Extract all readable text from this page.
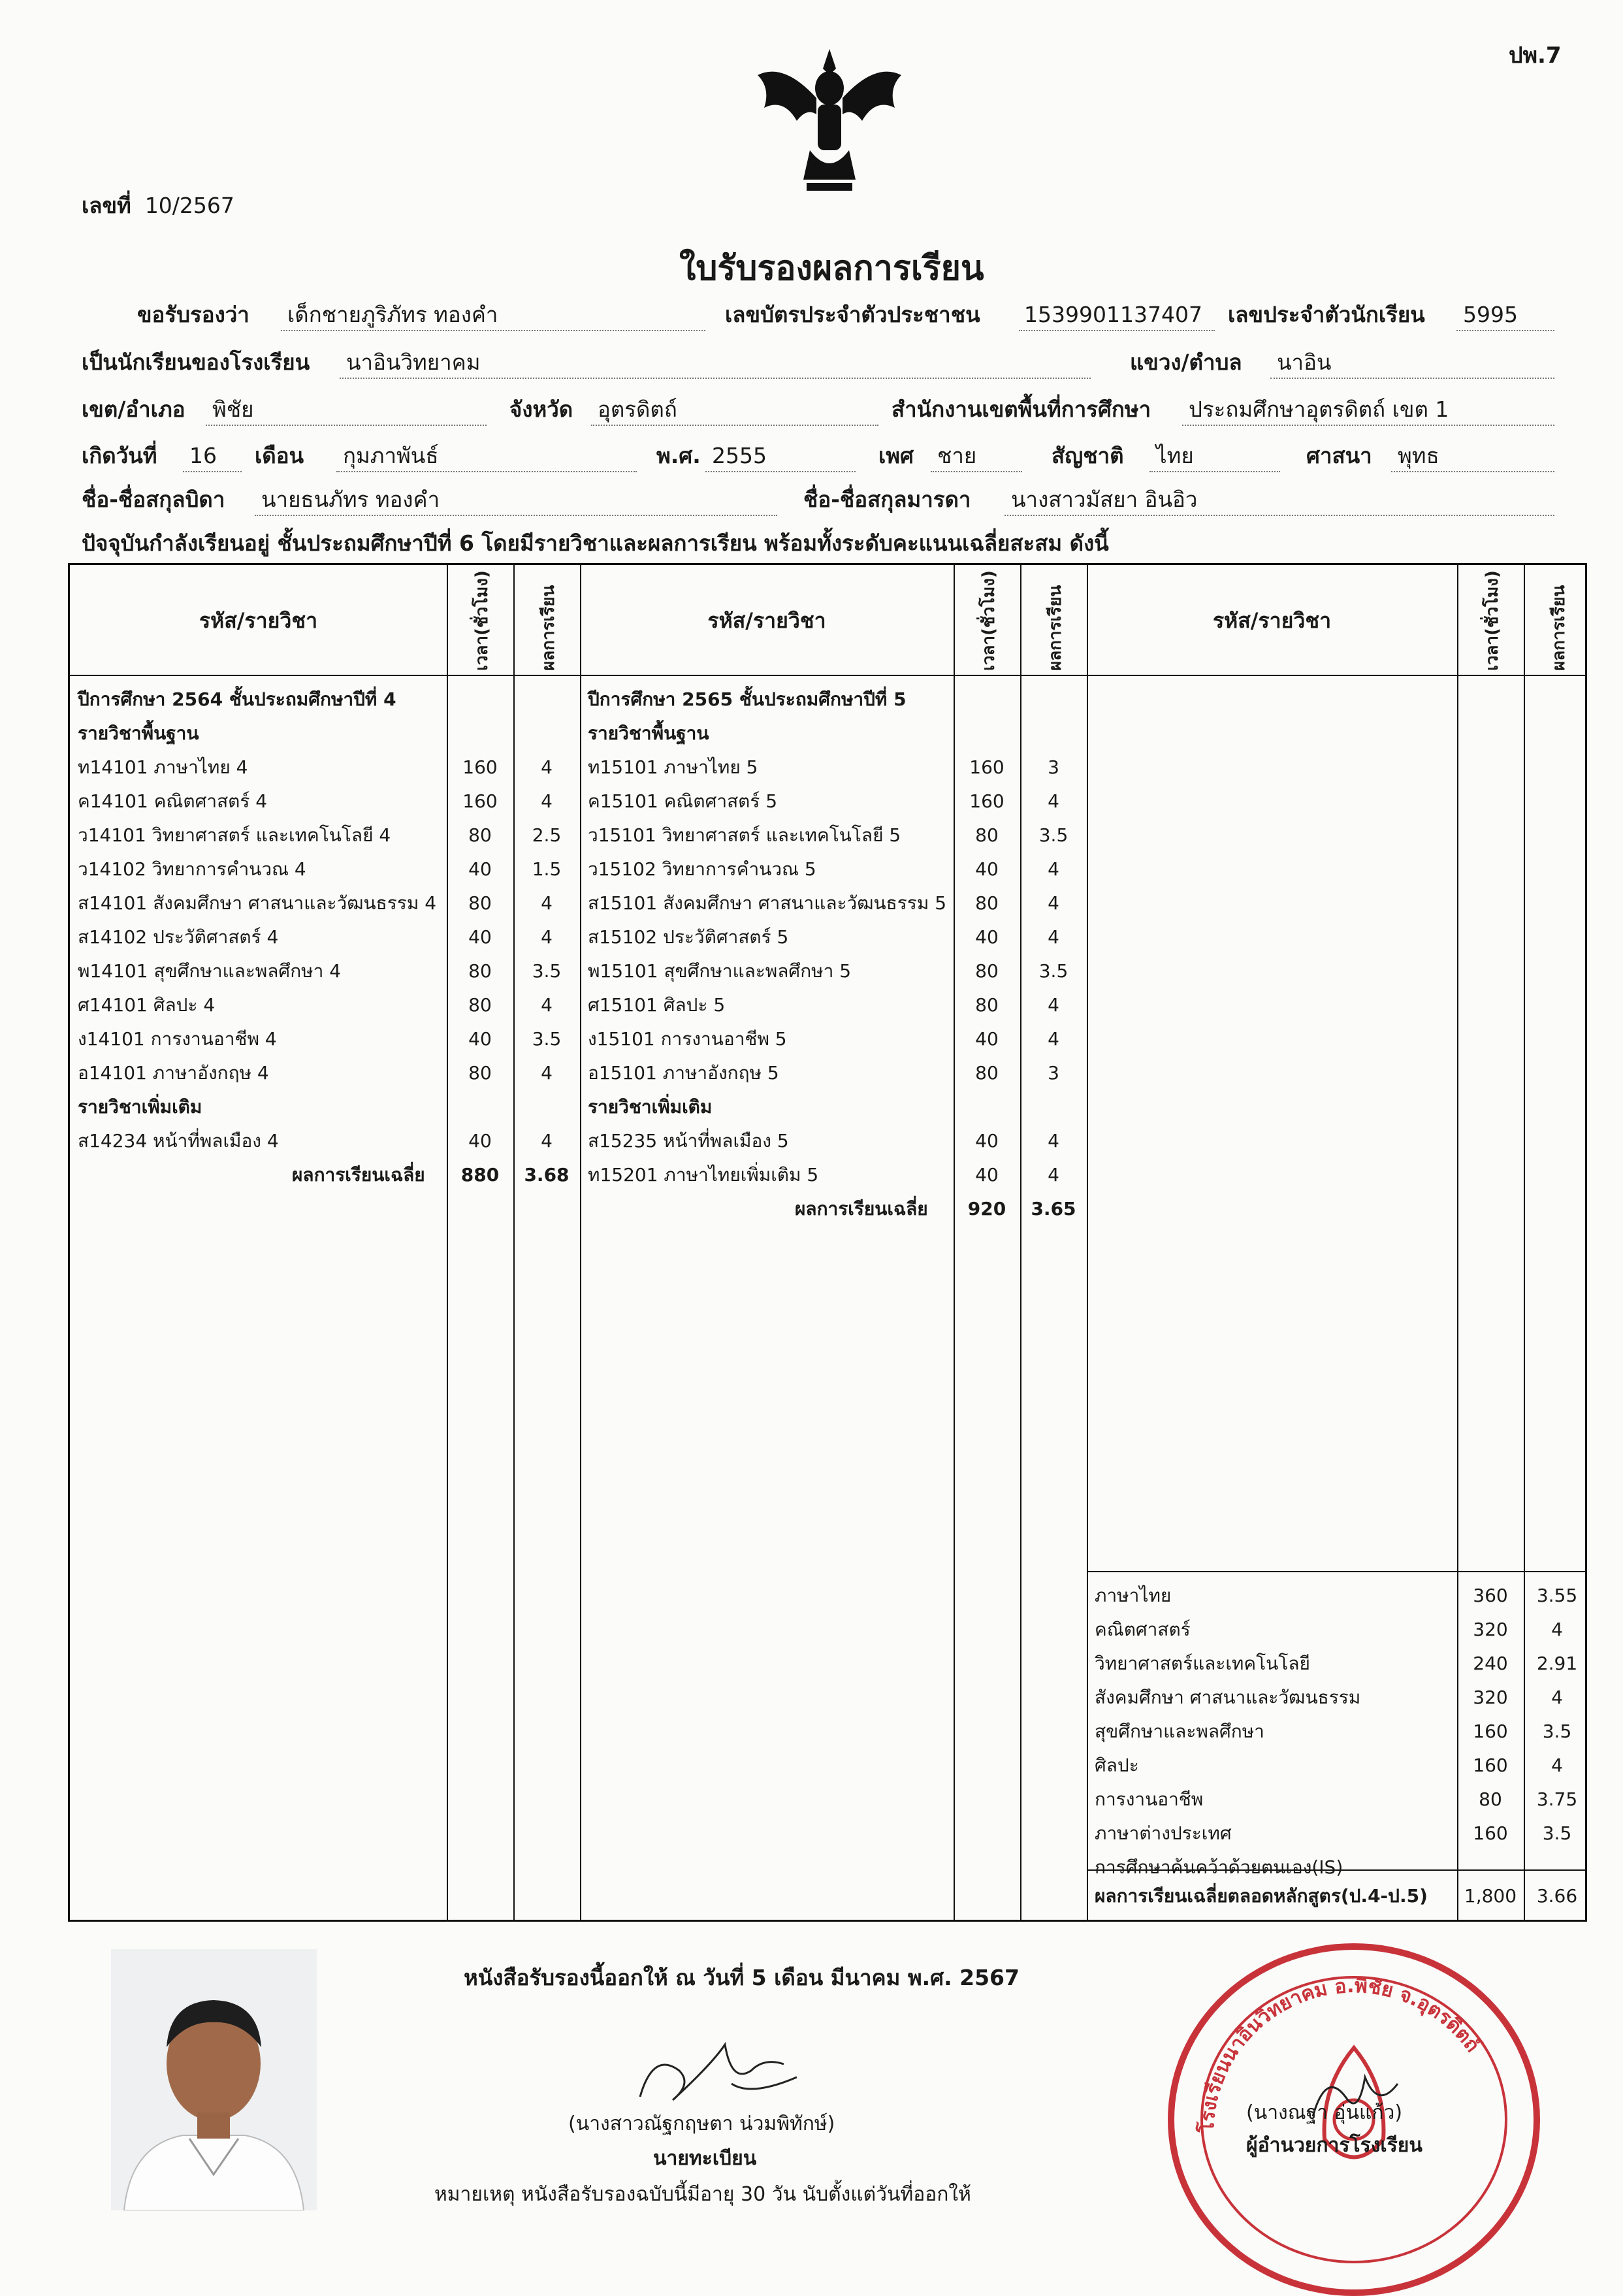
ปพ.7
เลขที่ 10/2567
ใบรับรองผลการเรียน
ขอรับรองว่า เด็กชายภูริภัทร ทองคำ	เลขบัตรประจำตัวประชาชน 1539901137407 เลขประจำตัวนักเรียน 5995
เป็นนักเรียนของโรงเรียน นาอินวิทยาคม	แขวง/ตำบล นาอิน
เขต/อำเภอ พิชัย	จังหวัด อุตรดิตถ์	สำนักงานเขตพื้นที่การศึกษา ประถมศึกษาอุตรดิตถ์ เขต 1
เกิดวันที่ 16 เดือน กุมภาพันธ์	พ.ศ. 2555	เพศ ชาย	สัญชาติ ไทย	ศาสนา พุทธ
ชื่อ-ชื่อสกุลบิดา นายธนภัทร ทองคำ	ชื่อ-ชื่อสกุลมารดา นางสาวมัสยา อินอิว
ปัจจุบันกำลังเรียนอยู่ ชั้นประถมศึกษาปีที่ 6 โดยมีรายวิชาและผลการเรียน พร้อมทั้งระดับคะแนนเฉลี่ยสะสม ดังนี้
รหัส/รายวิชา	เวลา(ชั่วโมง)	ผลการเรียน	รหัส/รายวิชา	เวลา(ชั่วโมง)	ผลการเรียน	รหัส/รายวิชา	เวลา(ชั่วโมง)	ผลการเรียน
ปีการศึกษา 2564 ชั้นประถมศึกษาปีที่ 4
รายวิชาพื้นฐาน
ท14101 ภาษาไทย 4	160	4
ค14101 คณิตศาสตร์ 4	160	4
ว14101 วิทยาศาสตร์ และเทคโนโลยี 4	80	2.5
ว14102 วิทยาการคำนวณ 4	40	1.5
ส14101 สังคมศึกษา ศาสนาและวัฒนธรรม 4	80	4
ส14102 ประวัติศาสตร์ 4	40	4
พ14101 สุขศึกษาและพลศึกษา 4	80	3.5
ศ14101 ศิลปะ 4	80	4
ง14101 การงานอาชีพ 4	40	3.5
อ14101 ภาษาอังกฤษ 4	80	4
รายวิชาเพิ่มเติม
ส14234 หน้าที่พลเมือง 4	40	4
ผลการเรียนเฉลี่ย	880	3.68
ปีการศึกษา 2565 ชั้นประถมศึกษาปีที่ 5
รายวิชาพื้นฐาน
ท15101 ภาษาไทย 5	160	3
ค15101 คณิตศาสตร์ 5	160	4
ว15101 วิทยาศาสตร์ และเทคโนโลยี 5	80	3.5
ว15102 วิทยาการคำนวณ 5	40	4
ส15101 สังคมศึกษา ศาสนาและวัฒนธรรม 5	80	4
ส15102 ประวัติศาสตร์ 5	40	4
พ15101 สุขศึกษาและพลศึกษา 5	80	3.5
ศ15101 ศิลปะ 5	80	4
ง15101 การงานอาชีพ 5	40	4
อ15101 ภาษาอังกฤษ 5	80	3
รายวิชาเพิ่มเติม
ส15235 หน้าที่พลเมือง 5	40	4
ท15201 ภาษาไทยเพิ่มเติม 5	40	4
ผลการเรียนเฉลี่ย	920	3.65
ภาษาไทย	360	3.55
คณิตศาสตร์	320	4
วิทยาศาสตร์และเทคโนโลยี	240	2.91
สังคมศึกษา ศาสนาและวัฒนธรรม	320	4
สุขศึกษาและพลศึกษา	160	3.5
ศิลปะ	160	4
การงานอาชีพ	80	3.75
ภาษาต่างประเทศ	160	3.5
การศึกษาค้นคว้าด้วยตนเอง(IS)
ผลการเรียนเฉลี่ยตลอดหลักสูตร(ป.4-ป.5)	1,800	3.66
หนังสือรับรองนี้ออกให้ ณ วันที่ 5 เดือน มีนาคม พ.ศ. 2567
(นางสาวณัฐกฤษตา น่วมพิทักษ์)
นายทะเบียน
หมายเหตุ หนังสือรับรองฉบับนี้มีอายุ 30 วัน นับตั้งแต่วันที่ออกให้
โรงเรียนนาอินวิทยาคม อ.พิชัย จ.อุตรดิตถ์
(นางณฐา อุ่นแก้ว)
ผู้อำนวยการโรงเรียน
